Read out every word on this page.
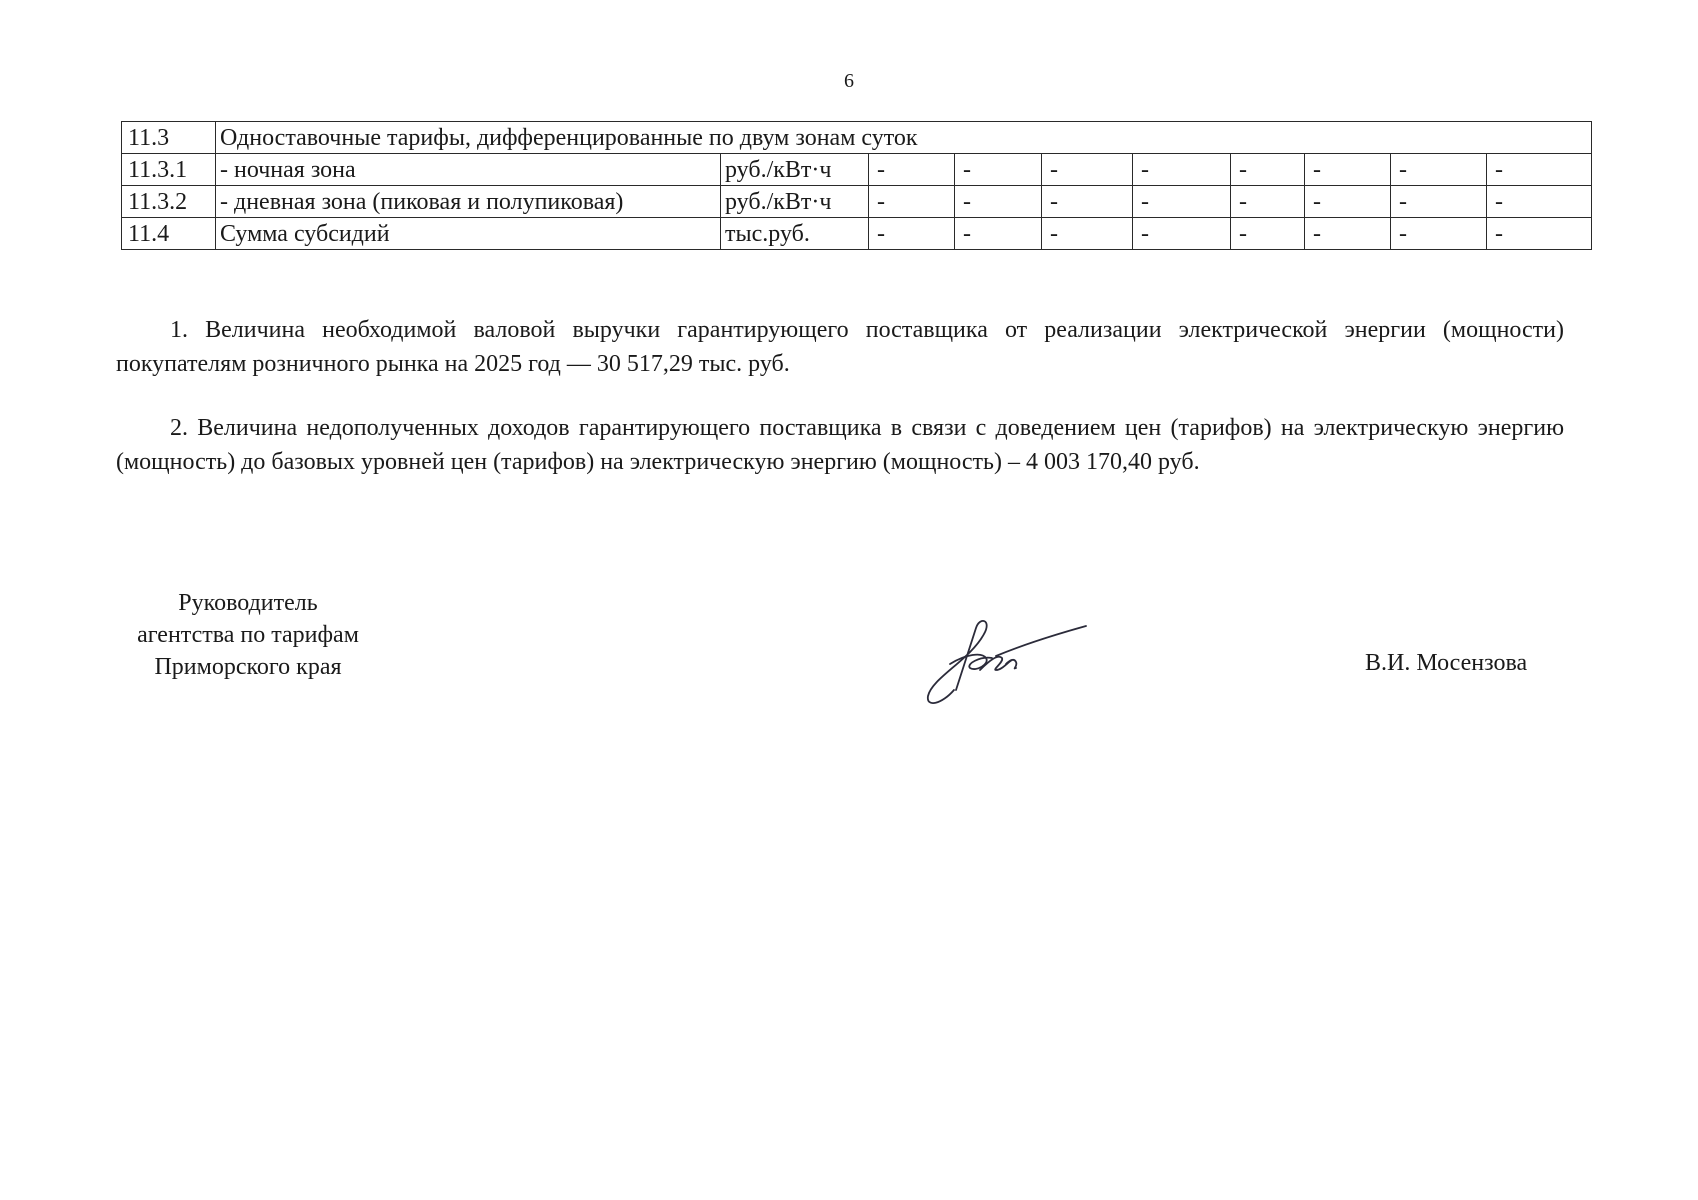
6
11.3	Одноставочные тарифы, дифференцированные по двум зонам суток									
11.3.1	- ночная зона	руб./кВт·ч	-	-	-	-	-	-	-	-
11.3.2	- дневная зона (пиковая и полупиковая)	руб./кВт·ч	-	-	-	-	-	-	-	-
11.4	Сумма субсидий	тыс.руб.	-	-	-	-	-	-	-	-

1. Величина необходимой валовой выручки гарантирующего поставщика от реализации электрической энергии (мощности) покупателям розничного рынка на 2025 год — 30 517,29 тыс. руб.

2. Величина недополученных доходов гарантирующего поставщика в связи с доведением цен (тарифов) на электрическую энергию (мощность) до базовых уровней цен (тарифов) на электрическую энергию (мощность) – 4 003 170,40 руб.

Руководитель
агентства по тарифам
Приморского края	В.И. Мосензова
